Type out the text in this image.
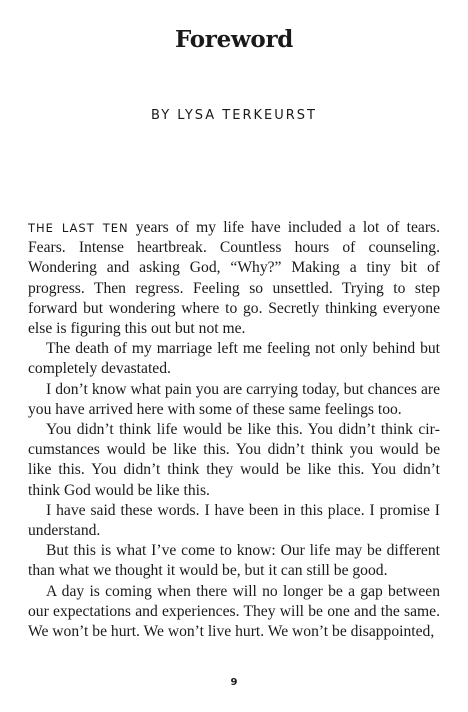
Foreword
BY LYSA TERKEURST

THE LAST TEN years of my life have included a lot of tears. Fears. Intense heartbreak. Countless hours of counseling. Wondering and asking God, “Why?” Making a tiny bit of progress. Then regress. Feeling so unsettled. Trying to step forward but wondering where to go. Secretly thinking everyone else is figuring this out but not me.

The death of my marriage left me feeling not only behind but completely devastated.

I don’t know what pain you are carrying today, but chances are you have arrived here with some of these same feelings too.

You didn’t think life would be like this. You didn’t think circumstances would be like this. You didn’t think you would be like this. You didn’t think they would be like this. You didn’t think God would be like this.

I have said these words. I have been in this place. I promise I understand.

But this is what I’ve come to know: Our life may be different than what we thought it would be, but it can still be good.

A day is coming when there will no longer be a gap between our expectations and experiences. They will be one and the same. We won’t be hurt. We won’t live hurt. We won’t be disappointed,

9
